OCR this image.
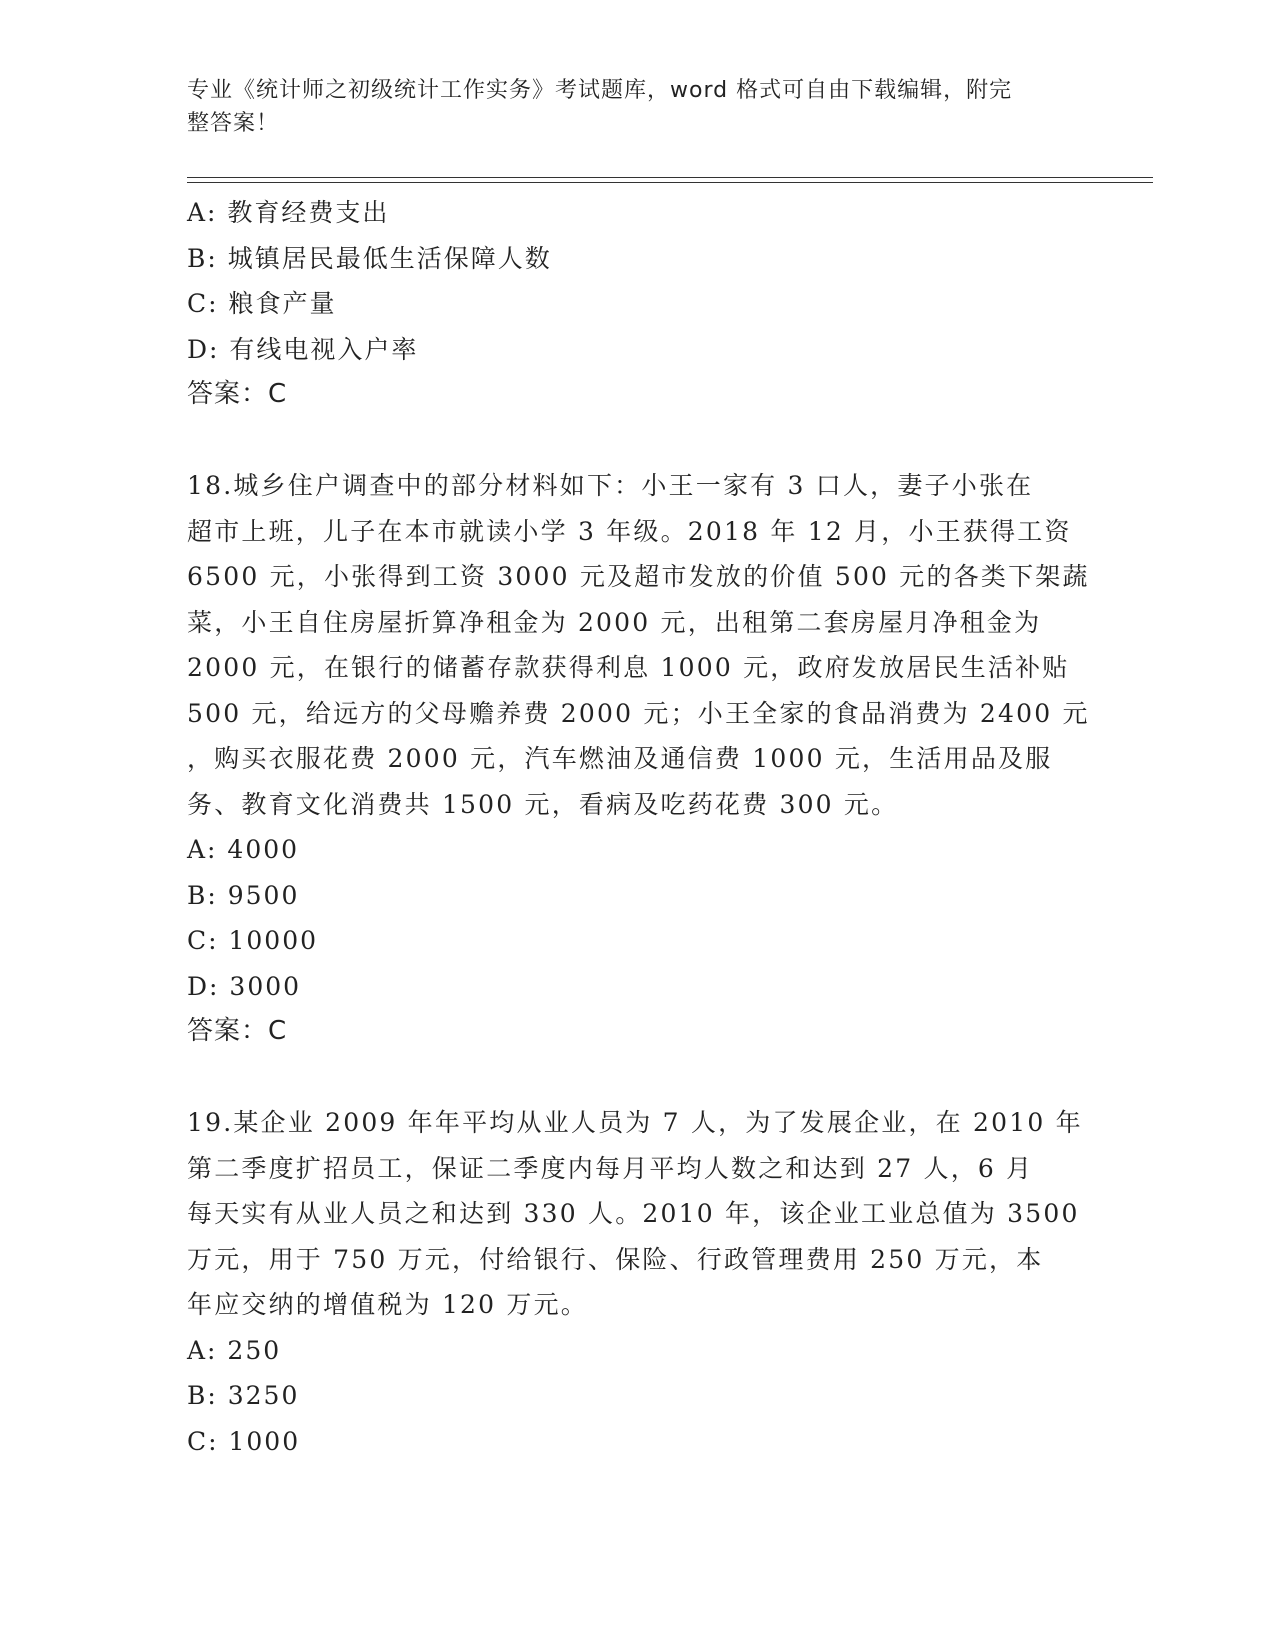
专业《统计师之初级统计工作实务》考试题库，word 格式可自由下载编辑，附完
整答案！
A: 教育经费支出
B: 城镇居民最低生活保障人数
C: 粮食产量
D: 有线电视入户率
答案：C
18.城乡住户调查中的部分材料如下：小王一家有 3 口人，妻子小张在
超市上班，儿子在本市就读小学 3 年级。2018 年 12 月，小王获得工资
6500 元，小张得到工资 3000 元及超市发放的价值 500 元的各类下架蔬
菜，小王自住房屋折算净租金为 2000 元，出租第二套房屋月净租金为
2000 元，在银行的储蓄存款获得利息 1000 元，政府发放居民生活补贴
500 元，给远方的父母赡养费 2000 元；小王全家的食品消费为 2400 元
，购买衣服花费 2000 元，汽车燃油及通信费 1000 元，生活用品及服
务、教育文化消费共 1500 元，看病及吃药花费 300 元。
A: 4000
B: 9500
C: 10000
D: 3000
答案：C
19.某企业 2009 年年平均从业人员为 7 人，为了发展企业，在 2010 年
第二季度扩招员工，保证二季度内每月平均人数之和达到 27 人，6 月
每天实有从业人员之和达到 330 人。2010 年，该企业工业总值为 3500
万元，用于 750 万元，付给银行、保险、行政管理费用 250 万元，本
年应交纳的增值税为 120 万元。
A: 250
B: 3250
C: 1000
